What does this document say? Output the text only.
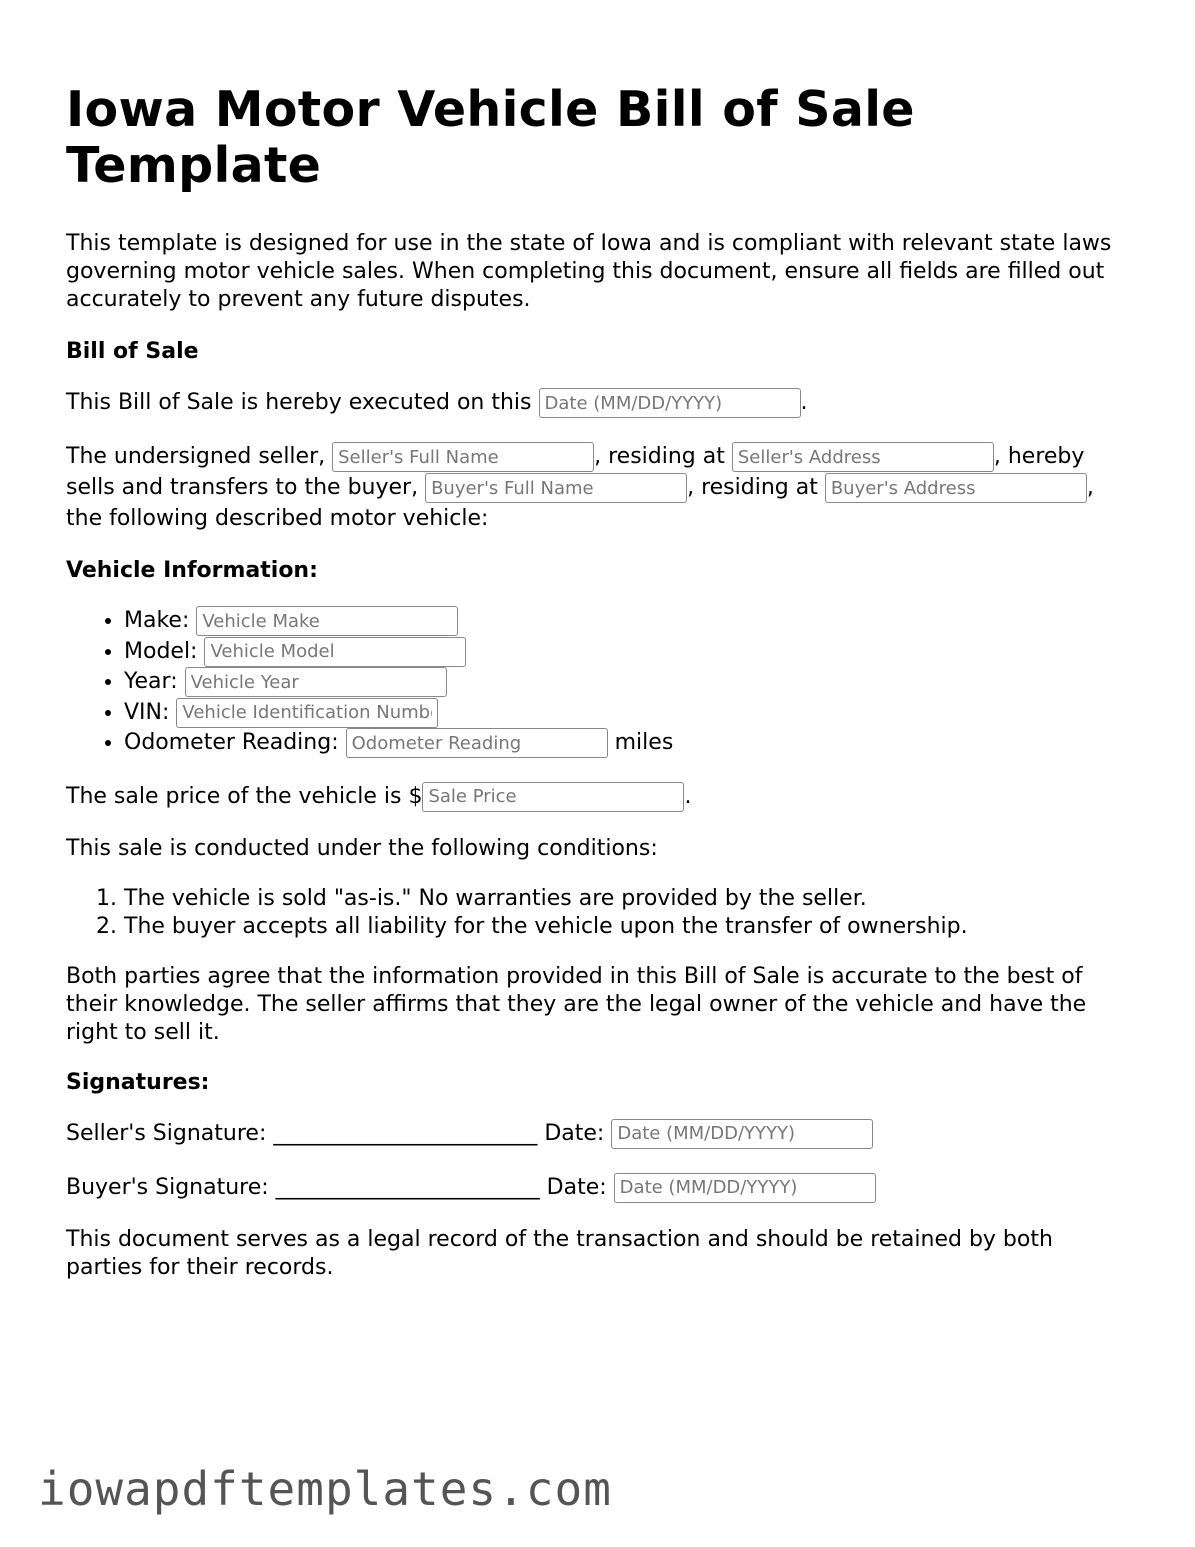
Iowa Motor Vehicle Bill of Sale Template

This template is designed for use in the state of Iowa and is compliant with relevant state laws governing motor vehicle sales. When completing this document, ensure all fields are filled out accurately to prevent any future disputes.

Bill of Sale

This Bill of Sale is hereby executed on this Date (MM/DD/YYYY)	.

The undersigned seller, Seller's Full Name	, residing at Seller's Address	, hereby sells and transfers to the buyer, Buyer's Full Name	, residing at Buyer's Address	, the following described motor vehicle:

Vehicle Information:
• Make: Vehicle Make
• Model: Vehicle Model
• Year: Vehicle Year
• VIN: Vehicle Identification Number
• Odometer Reading: Odometer Reading	miles

The sale price of the vehicle is $Sale Price	.

This sale is conducted under the following conditions:

1. The vehicle is sold "as-is." No warranties are provided by the seller.
2. The buyer accepts all liability for the vehicle upon the transfer of ownership.

Both parties agree that the information provided in this Bill of Sale is accurate to the best of their knowledge. The seller affirms that they are the legal owner of the vehicle and have the right to sell it.

Signatures:

Seller's Signature: ________________________ Date: Date (MM/DD/YYYY)

Buyer's Signature: ________________________ Date: Date (MM/DD/YYYY)

This document serves as a legal record of the transaction and should be retained by both parties for their records.

iowapdftemplates.com
